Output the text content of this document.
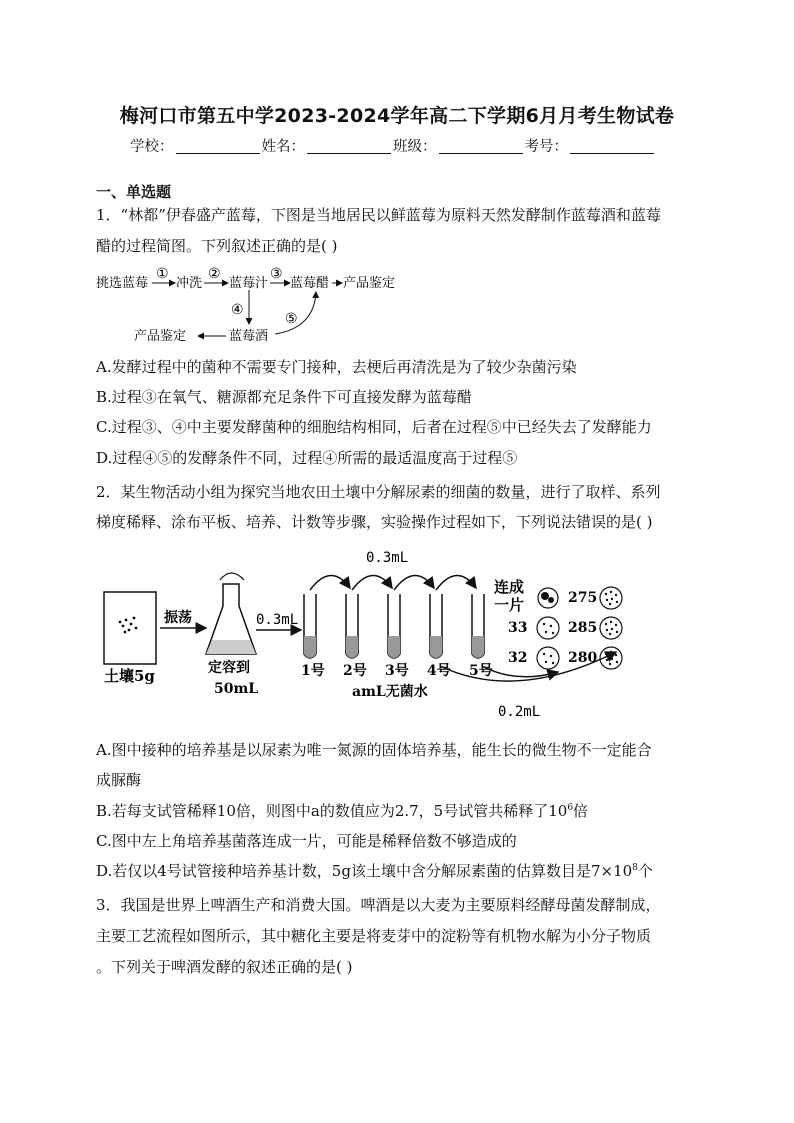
梅河口市第五中学2023-2024学年高二下学期6月月考生物试卷
学校：	姓名：	班级：	考号：
一、单选题
1．“林都”伊春盛产蓝莓，下图是当地居民以鲜蓝莓为原料天然发酵制作蓝莓酒和蓝莓
醋的过程简图。下列叙述正确的是( )
挑选蓝莓
①
冲洗
②
蓝莓汁
③
蓝莓醋 产品鉴定
④
蓝莓酒
⑤
产品鉴定
A.发酵过程中的菌种不需要专门接种，去梗后再清洗是为了较少杂菌污染
B.过程③在氧气、糖源都充足条件下可直接发酵为蓝莓醋
C.过程③、④中主要发酵菌种的细胞结构相同，后者在过程⑤中已经失去了发酵能力
D.过程④⑤的发酵条件不同，过程④所需的最适温度高于过程⑤
2．某生物活动小组为探究当地农田土壤中分解尿素的细菌的数量，进行了取样、系列
梯度稀释、涂布平板、培养、计数等步骤，实验操作过程如下，下列说法错误的是( )
土壤5g
振荡
定容到
50mL
0.3mL
0.3mL
1号 2号 3号 4号 5号
amL无菌水
0.2mL
连成
一片	275
33	285
32	280
A.图中接种的培养基是以尿素为唯一氮源的固体培养基，能生长的微生物不一定能合
成脲酶
B.若每支试管稀释10倍，则图中a的数值应为2.7，5号试管共稀释了$10^6$倍
C.图中左上角培养基菌落连成一片，可能是稀释倍数不够造成的
D.若仅以4号试管接种培养基计数，5g该土壤中含分解尿素菌的估算数目是$7\times 10^8$个
3．我国是世界上啤酒生产和消费大国。啤酒是以大麦为主要原料经酵母菌发酵制成，
主要工艺流程如图所示，其中糖化主要是将麦芽中的淀粉等有机物水解为小分子物质
。下列关于啤酒发酵的叙述正确的是( )
